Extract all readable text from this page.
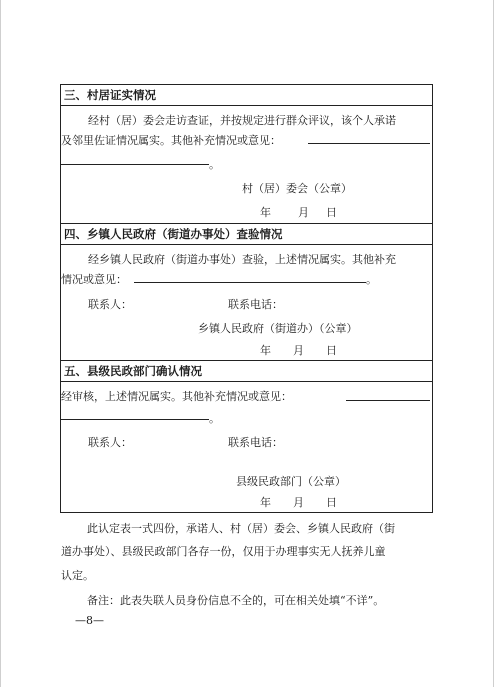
三、村居证实情况
经村（居）委会走访查证，并按规定进行群众评议，该个人承诺
及邻里佐证情况属实。其他补充情况或意见：
。
村（居）委会（公章）
年 月 日
四、乡镇人民政府（街道办事处）查验情况
经乡镇人民政府（街道办事处）查验，上述情况属实。其他补充
情况或意见：	。
联系人：	联系电话：
乡镇人民政府（街道办）（公章）
年　　月 日
五、县级民政部门确认情况
经审核，上述情况属实。其他补充情况或意见：
。
联系人：	联系电话：
县级民政部门（公章）
年　　月 日
此认定表一式四份，承诺人、村（居）委会、乡镇人民政府（街
道办事处）、县级民政部门各存一份，仅用于办理事实无人抚养儿童
认定。
备注：此表失联人员身份信息不全的，可在相关处填“不详”。
—8—
